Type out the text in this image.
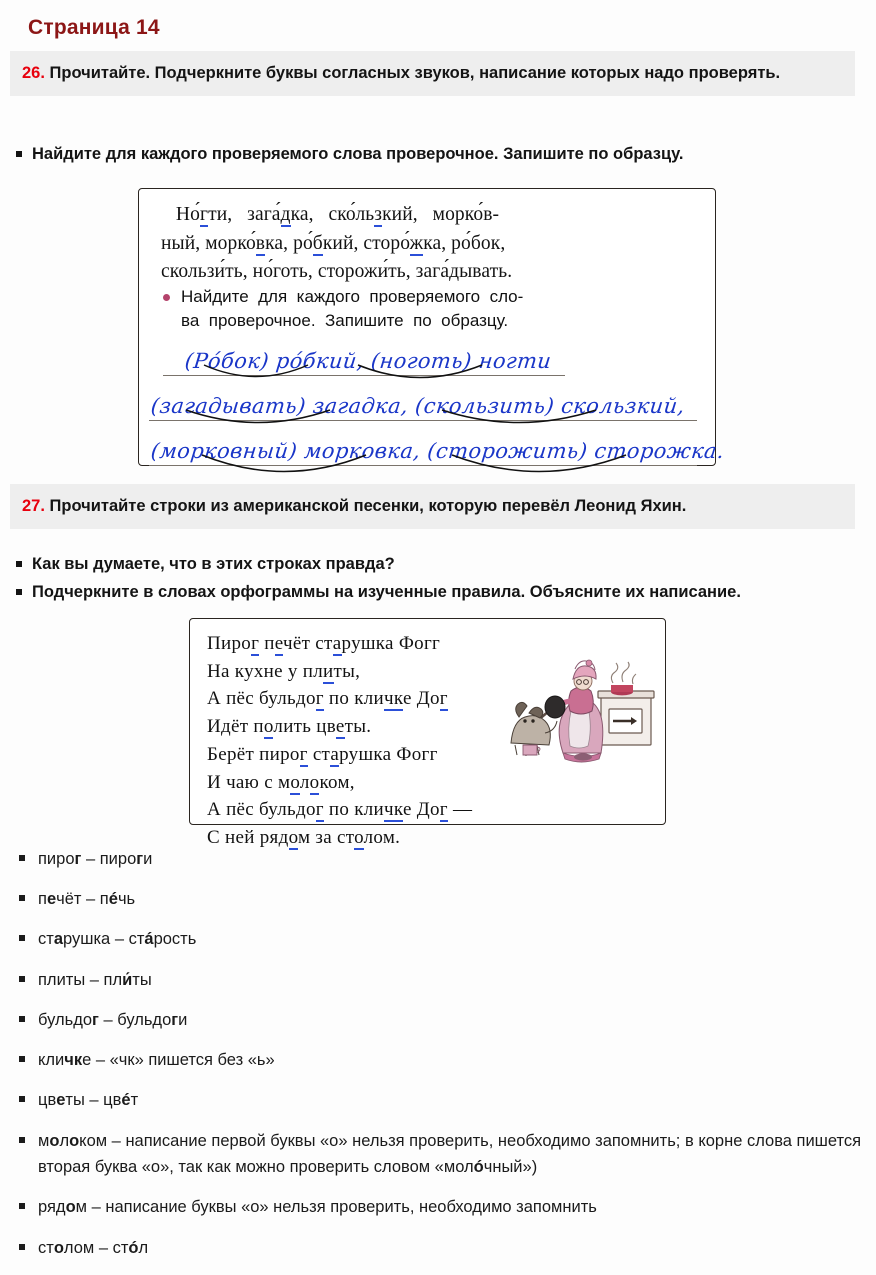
Страница 14
26. Прочитайте. Подчеркните буквы согласных звуков, написание которых надо проверять.
Найдите для каждого проверяемого слова проверочное. Запишите по образцу.
Но́гти,   зага́дка,   ско́льзкий,   морко́в-
ный, морко́вка, ро́бкий, сторо́жка, ро́бок,
скользи́ть, но́готь, сторожи́ть, зага́дывать.
Найдите  для  каждого  проверяемого  сло-
ва  проверочное.  Запишите  по  образцу.
(Ро́бок) ро́бкий, (ноготь) ногти
(загадывать) загадка, (скользить) скользкий,
(морковный) морковка, (сторожить) сторожка.
27. Прочитайте строки из американской песенки, которую перевёл Леонид Яхин.
Как вы думаете, что в этих строках правда?
Подчеркните в словах орфограммы на изученные правила. Объясните их написание.
Пирог печёт старушка Фогг
На кухне у плиты,
А пёс бульдог по кличке Дог
Идёт полить цветы.
Берёт пирог старушка Фогг
И чаю с молоком,
А пёс бульдог по кличке Дог —
С ней рядом за столом.
пирог – пироги
печёт – пéчь
старушка – стáрость
плиты – пли́ты
бульдог – бульдоги
кличке – «чк» пишется без «ь»
цветы – цвéт
молоком – написание первой буквы «о» нельзя проверить, необходимо запомнить; в корне слова пишется вторая буква «о», так как можно проверить словом «молóчный»)
рядом – написание буквы «о» нельзя проверить, необходимо запомнить
столом – стóл
